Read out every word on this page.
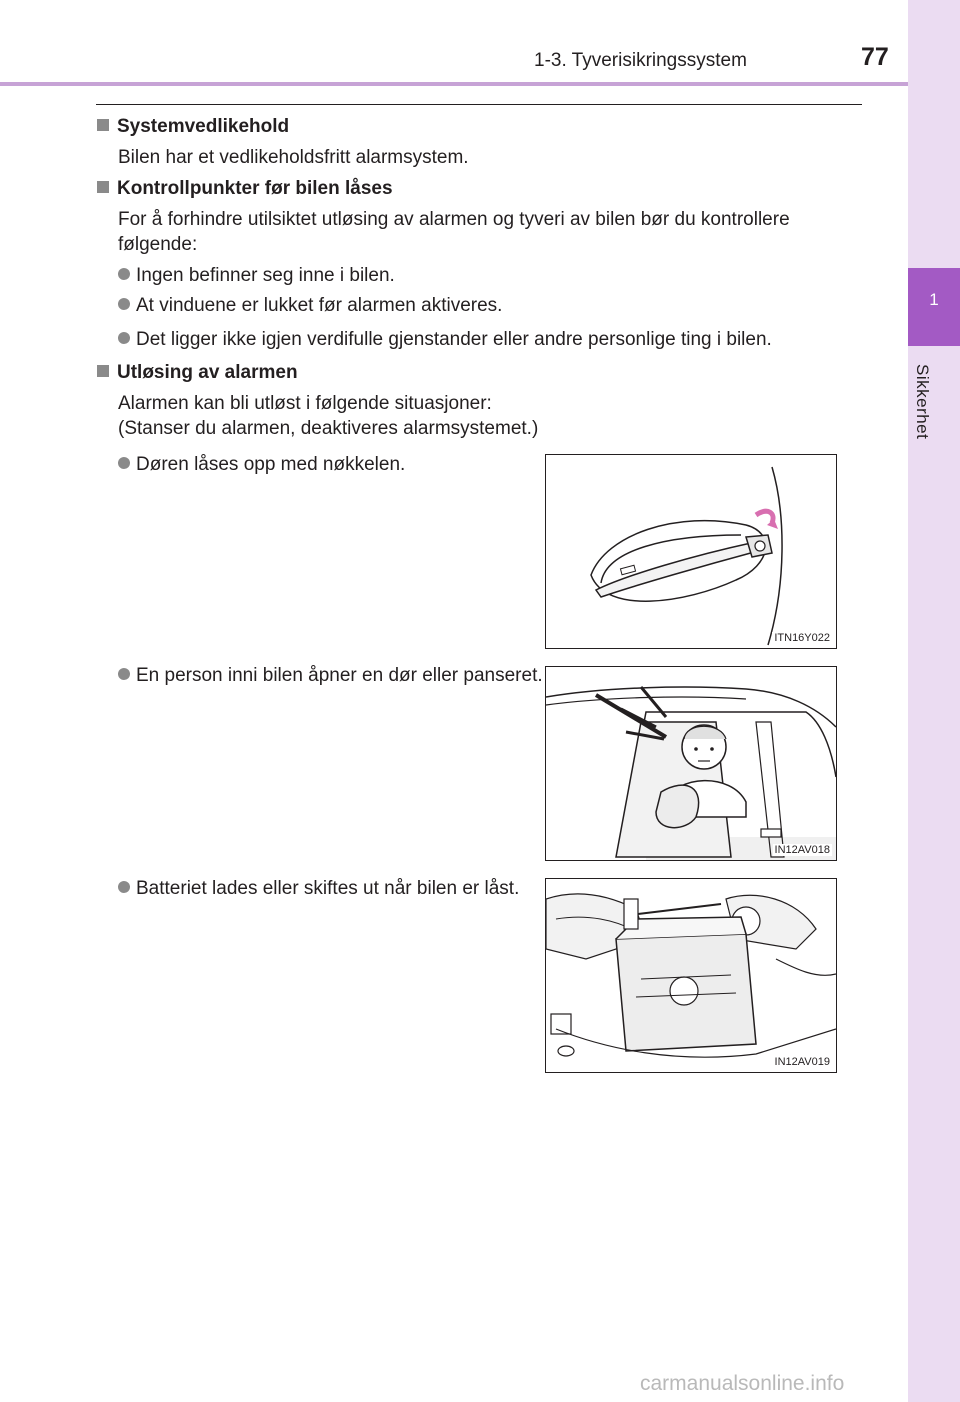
1-3. Tyverisikringssystem	77
1
Sikkerhet
Systemvedlikehold
Bilen har et vedlikeholdsfritt alarmsystem.
Kontrollpunkter før bilen låses
For å forhindre utilsiktet utløsing av alarmen og tyveri av bilen bør du kontrollere følgende:
Ingen befinner seg inne i bilen.
At vinduene er lukket før alarmen aktiveres.
Det ligger ikke igjen verdifulle gjenstander eller andre personlige ting i bilen.
Utløsing av alarmen
Alarmen kan bli utløst i følgende situasjoner:
(Stanser du alarmen, deaktiveres alarmsystemet.)
Døren låses opp med nøkkelen.
En person inni bilen åpner en dør eller panseret.
Batteriet lades eller skiftes ut når bilen er låst.
ITN16Y022
IN12AV018
IN12AV019
carmanualsonline.info
